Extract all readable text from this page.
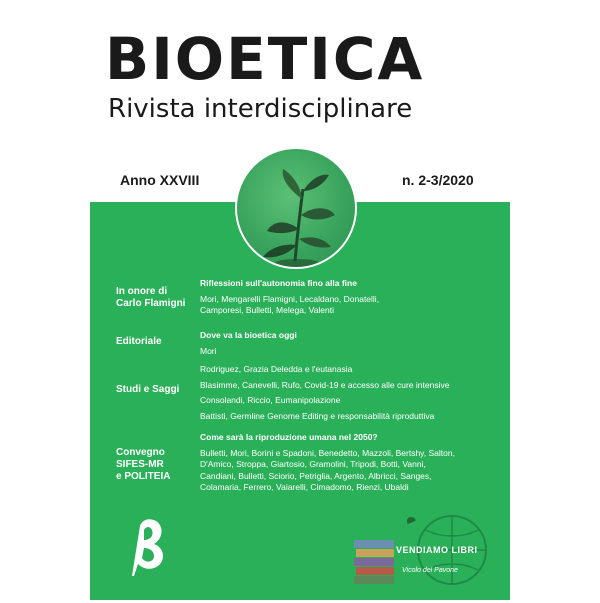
BIOETICA
Rivista interdisciplinare
Anno XXVIII	n. 2-3/2020
In onore di
Carlo Flamigni
Riflessioni sull'autonomia fino alla fine
Mori, Mengarelli Flamigni, Lecaldano, Donatelli,
Camporesi, Bulletti, Melega, Valenti
Editoriale
Dove va la bioetica oggi
Mori
Studi e Saggi
Rodriguez, Grazia Deledda e l'eutanasia
Blasimme, Canevelli, Rufo, Covid-19 e accesso alle cure intensive
Consolandi, Riccio, Eumanipolazione
Battisti, Germline Genome Editing e responsabilità riproduttiva
Convegno
SIFES-MR
e POLITEIA
Come sarà la riproduzione umana nel 2050?
Bulletti, Mori, Borini e Spadoni, Benedetto, Mazzoli, Bertshy, Salton,
D'Amico, Stroppa, Giartosio, Gramolini, Tripodi, Botti, Vanni,
Candiani, Bulletti, Sciorio, Petriglia, Argento, Albricci, Sanges,
Colamaria, Ferrero, Vaiarelli, Cimadomo, Rienzi, Ubaldi
VENDIAMO LIBRI
Vicolo del Pavone
